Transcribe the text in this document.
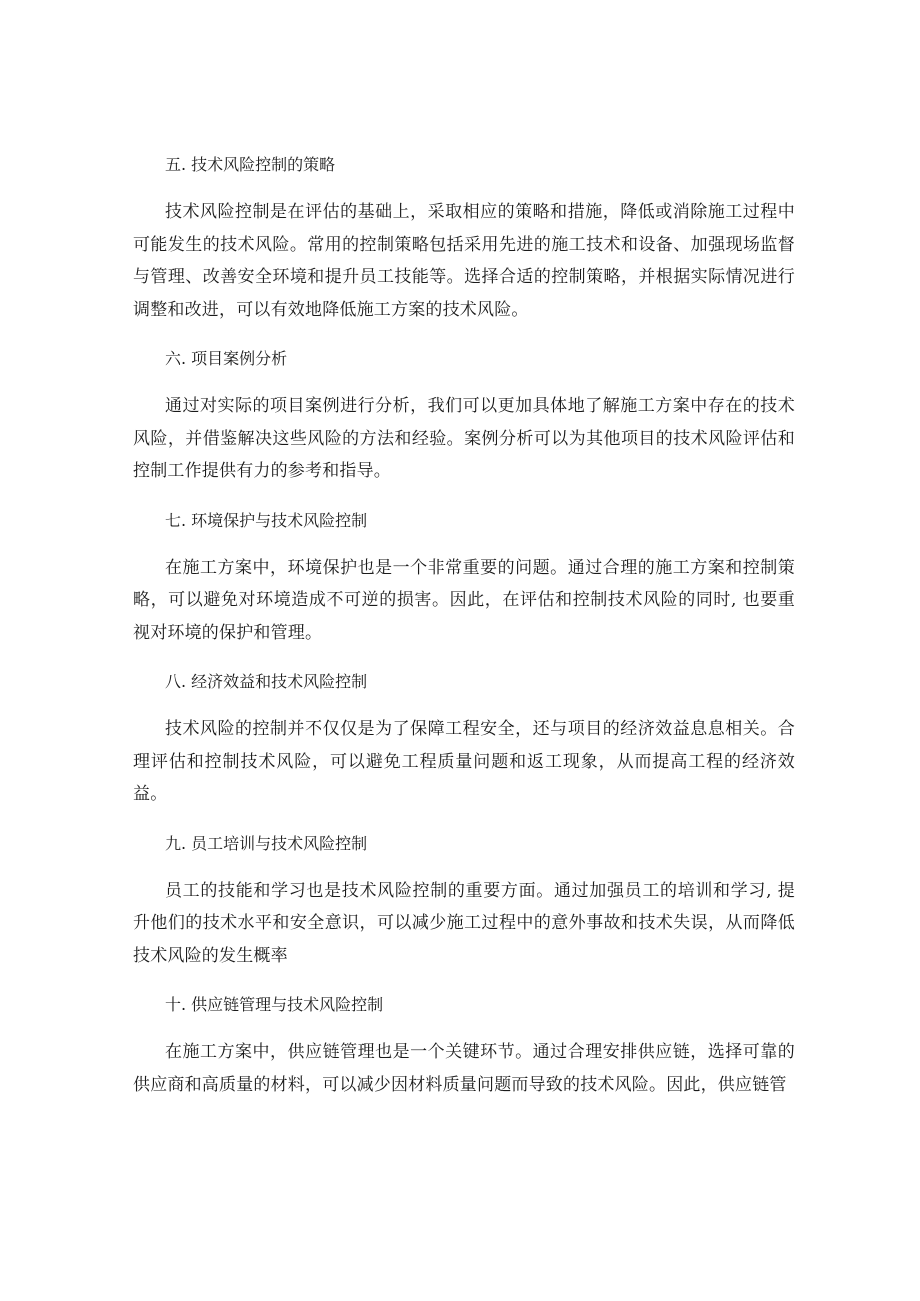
五. 技术风险控制的策略

技术风险控制是在评估的基础上，采取相应的策略和措施，降低或消除施工过程中可能发生的技术风险。常用的控制策略包括采用先进的施工技术和设备、加强现场监督与管理、改善安全环境和提升员工技能等。选择合适的控制策略，并根据实际情况进行调整和改进，可以有效地降低施工方案的技术风险。

六. 项目案例分析

通过对实际的项目案例进行分析，我们可以更加具体地了解施工方案中存在的技术风险，并借鉴解决这些风险的方法和经验。案例分析可以为其他项目的技术风险评估和控制工作提供有力的参考和指导。

七. 环境保护与技术风险控制

在施工方案中，环境保护也是一个非常重要的问题。通过合理的施工方案和控制策略，可以避免对环境造成不可逆的损害。因此，在评估和控制技术风险的同时, 也要重视对环境的保护和管理。

八. 经济效益和技术风险控制

技术风险的控制并不仅仅是为了保障工程安全，还与项目的经济效益息息相关。合理评估和控制技术风险，可以避免工程质量问题和返工现象，从而提高工程的经济效益。

九. 员工培训与技术风险控制

员工的技能和学习也是技术风险控制的重要方面。通过加强员工的培训和学习, 提升他们的技术水平和安全意识，可以减少施工过程中的意外事故和技术失误，从而降低技术风险的发生概率

十. 供应链管理与技术风险控制

在施工方案中，供应链管理也是一个关键环节。通过合理安排供应链，选择可靠的供应商和高质量的材料，可以减少因材料质量问题而导致的技术风险。因此，供应链管
